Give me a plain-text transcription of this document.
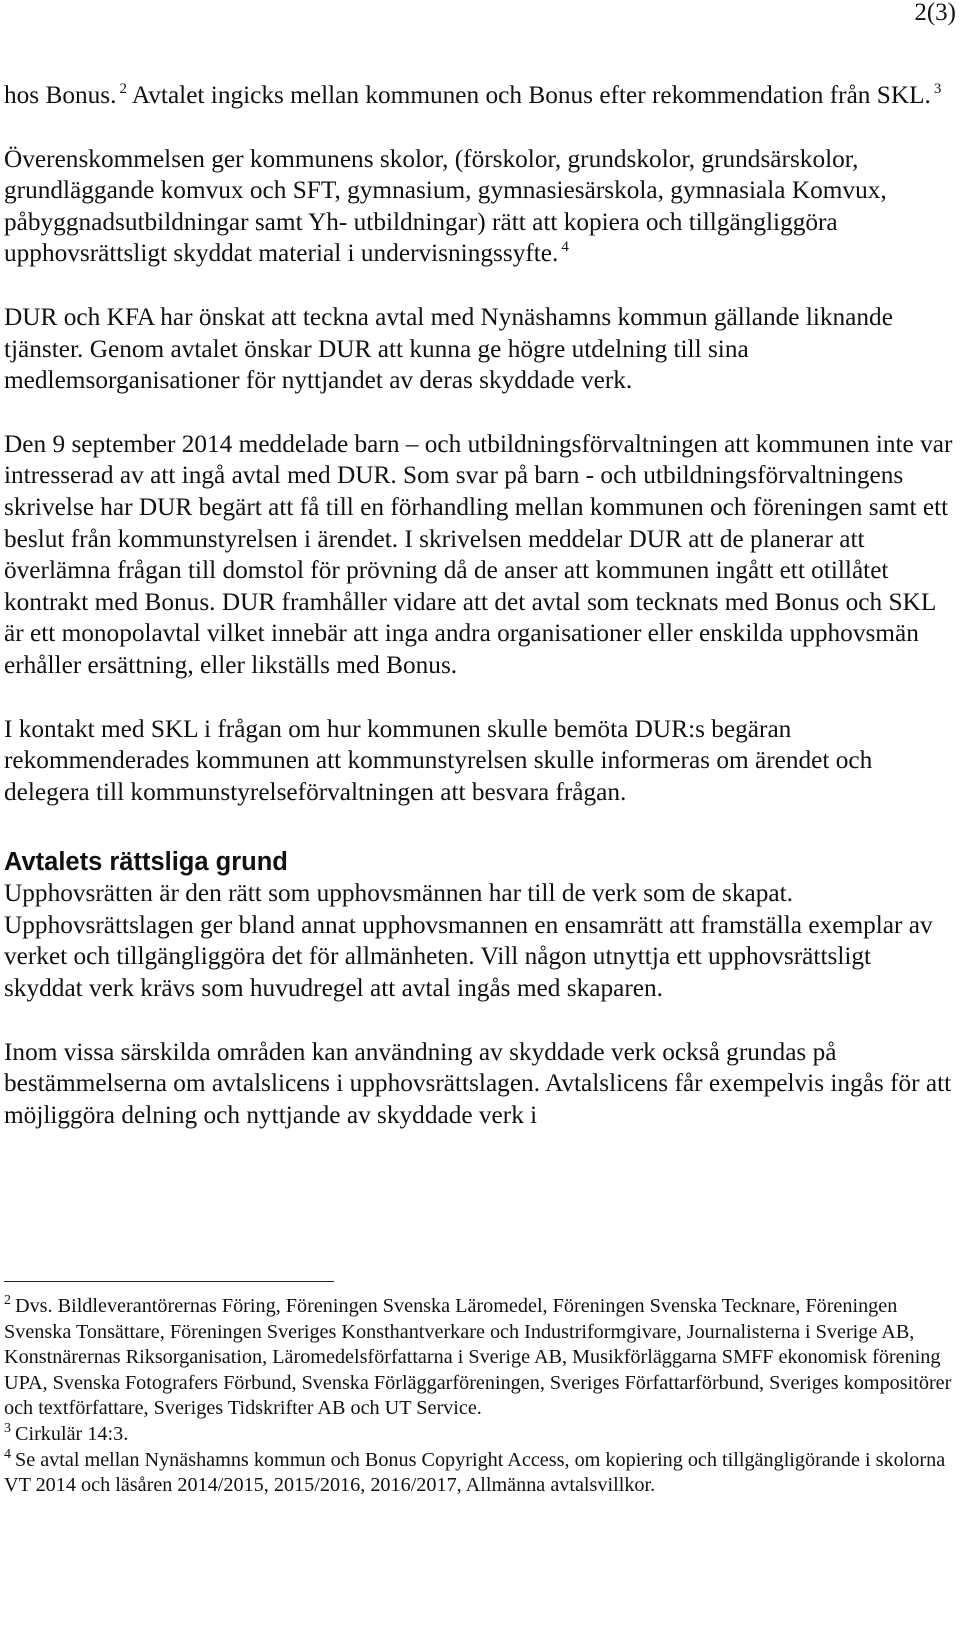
2(3)

hos Bonus. $^2$ Avtalet ingicks mellan kommunen och Bonus efter rekommendation från SKL. $^3$

Överenskommelsen ger kommunens skolor, (förskolor, grundskolor, grundsärskolor, grundläggande komvux och SFT, gymnasium, gymnasiesärskola, gymnasiala Komvux, påbyggnadsutbildningar samt Yh- utbildningar) rätt att kopiera och tillgängliggöra upphovsrättsligt skyddat material i undervisningssyfte. $^4$

DUR och KFA har önskat att teckna avtal med Nynäshamns kommun gällande liknande tjänster. Genom avtalet önskar DUR att kunna ge högre utdelning till sina medlemsorganisationer för nyttjandet av deras skyddade verk.

Den 9 september 2014 meddelade barn – och utbildningsförvaltningen att kommunen inte var intresserad av att ingå avtal med DUR. Som svar på barn - och utbildningsförvaltningens skrivelse har DUR begärt att få till en förhandling mellan kommunen och föreningen samt ett beslut från kommunstyrelsen i ärendet. I skrivelsen meddelar DUR att de planerar att överlämna frågan till domstol för prövning då de anser att kommunen ingått ett otillåtet kontrakt med Bonus. DUR framhåller vidare att det avtal som tecknats med Bonus och SKL är ett monopolavtal vilket innebär att inga andra organisationer eller enskilda upphovsmän erhåller ersättning, eller likställs med Bonus.

I kontakt med SKL i frågan om hur kommunen skulle bemöta DUR:s begäran rekommenderades kommunen att kommunstyrelsen skulle informeras om ärendet och delegera till kommunstyrelseförvaltningen att besvara frågan.

Avtalets rättsliga grund

Upphovsrätten är den rätt som upphovsmännen har till de verk som de skapat. Upphovsrättslagen ger bland annat upphovsmannen en ensamrätt att framställa exemplar av verket och tillgängliggöra det för allmänheten. Vill någon utnyttja ett upphovsrättsligt skyddat verk krävs som huvudregel att avtal ingås med skaparen.

Inom vissa särskilda områden kan användning av skyddade verk också grundas på bestämmelserna om avtalslicens i upphovsrättslagen. Avtalslicens får exempelvis ingås för att möjliggöra delning och nyttjande av skyddade verk i

$^2$ Dvs. Bildleverantörernas Föring, Föreningen Svenska Läromedel, Föreningen Svenska Tecknare, Föreningen Svenska Tonsättare, Föreningen Sveriges Konsthantverkare och Industriformgivare, Journalisterna i Sverige AB, Konstnärernas Riksorganisation, Läromedelsförfattarna i Sverige AB, Musikförläggarna SMFF ekonomisk förening UPA, Svenska Fotografers Förbund, Svenska Förläggarföreningen, Sveriges Författarförbund, Sveriges kompositörer och textförfattare, Sveriges Tidskrifter AB och UT Service.

$^3$ Cirkulär 14:3.

$^4$ Se avtal mellan Nynäshamns kommun och Bonus Copyright Access, om kopiering och tillgängligörande i skolorna VT 2014 och läsåren 2014/2015, 2015/2016, 2016/2017, Allmänna avtalsvillkor.
